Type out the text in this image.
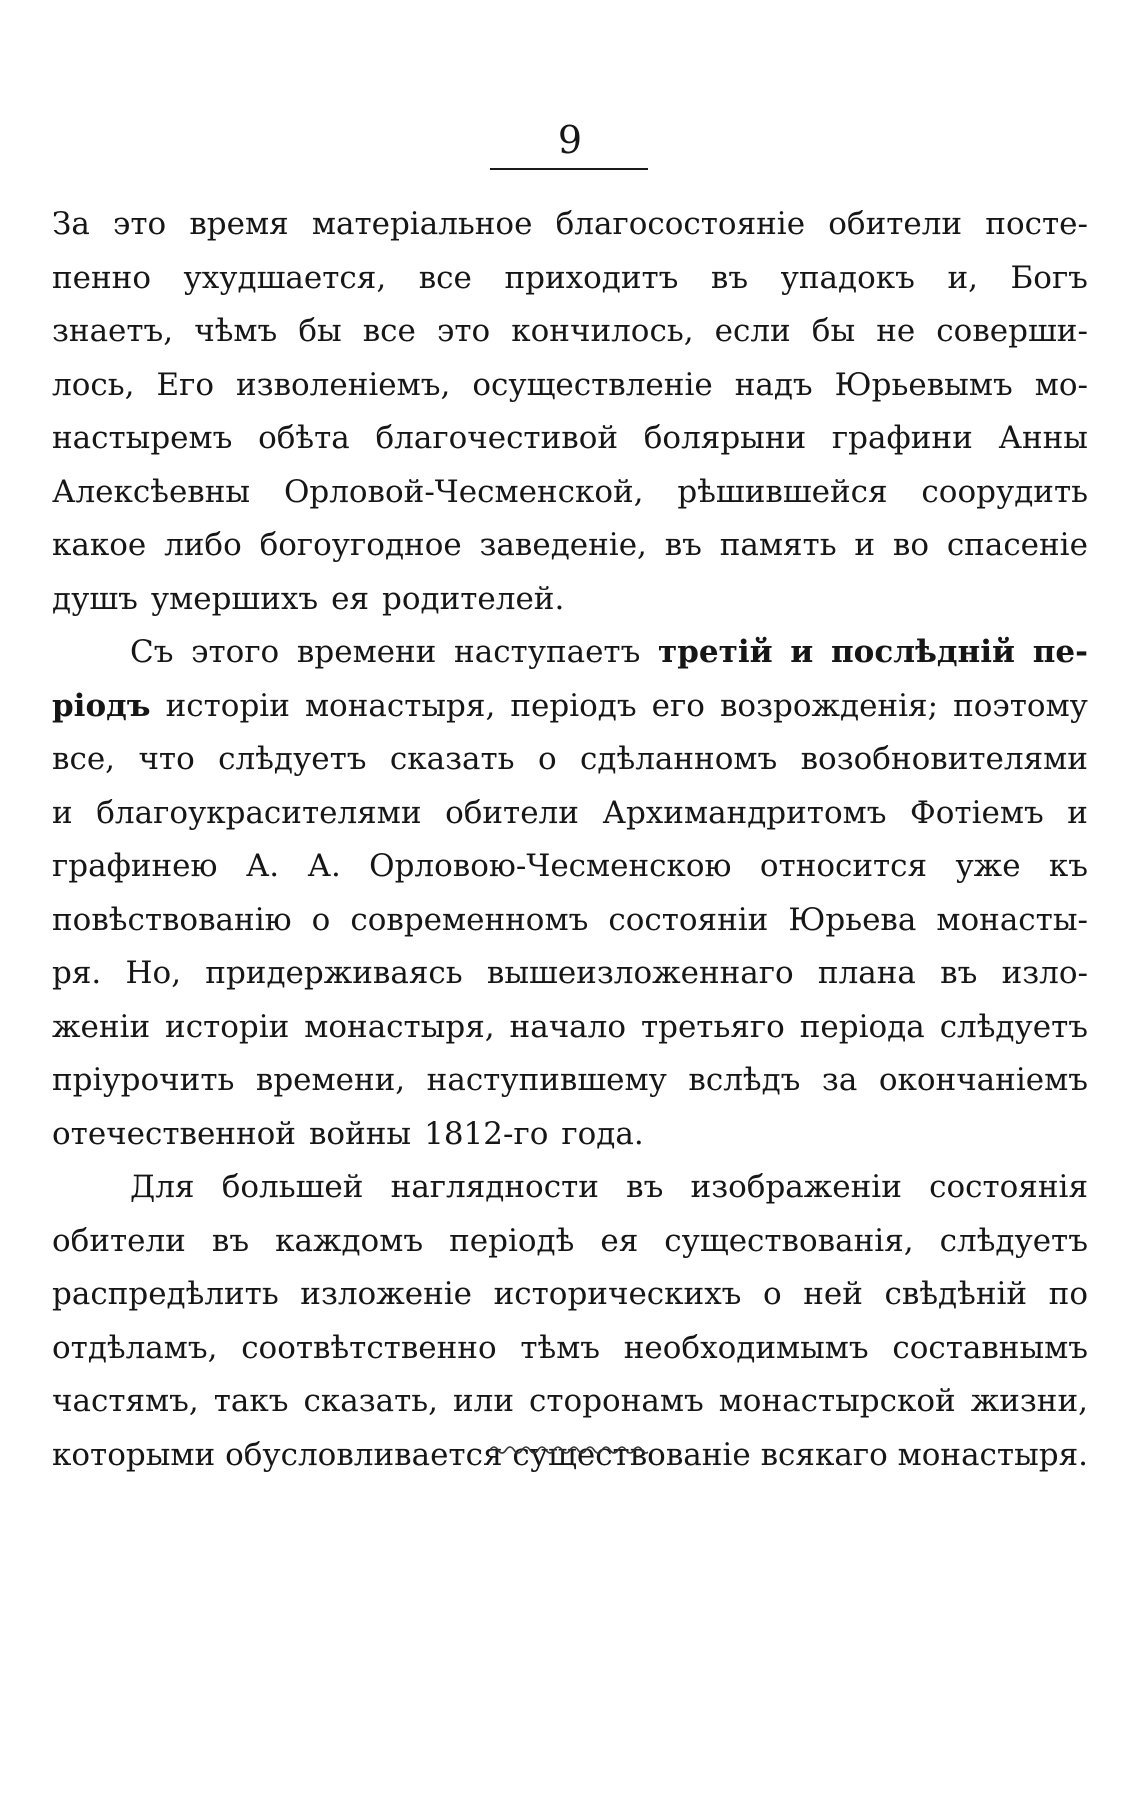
9
За это время матеріальное благосостояніе обители постe-
пенно ухудшается, все приходитъ въ упадокъ и, Богъ
знаетъ, чѣмъ бы все это кончилось, если бы не соверши-
лось, Его изволеніемъ, осуществленіе надъ Юрьевымъ мо-
настыремъ обѣта благочестивой болярыни графини Анны
Алексѣевны Орловой-Чесменской, рѣшившейся соорудить
какое либо богоугодное заведеніе, въ память и во спасеніе
душъ умершихъ ея родителей.
Съ этого времени наступаетъ третій и послѣдній пе-
ріодъ исторіи монастыря, періодъ его возрожденія; поэтому
все, что слѣдуетъ сказать о сдѣланномъ возобновителями
и благоукрасителями обители Архимандритомъ Фотіемъ и
графинею А. А. Орловою-Чесменскою относится уже къ
повѣствованію о современномъ состояніи Юрьева монасты-
ря. Но, придерживаясь вышеизложеннаго плана въ изло-
женіи исторіи монастыря, начало третьяго періода слѣдуетъ
пріурочить времени, наступившему вслѣдъ за окончаніемъ
отечественной войны 1812-го года.
Для большей наглядности въ изображеніи состоянія
обители въ каждомъ періодѣ ея существованія, слѣдуетъ
распредѣлить изложеніе историческихъ о ней свѣдѣній по
отдѣламъ, соотвѣтственно тѣмъ необходимымъ составнымъ
частямъ, такъ сказать, или сторонамъ монастырской жизни,
которыми обусловливается существованіе всякаго монастыря.
